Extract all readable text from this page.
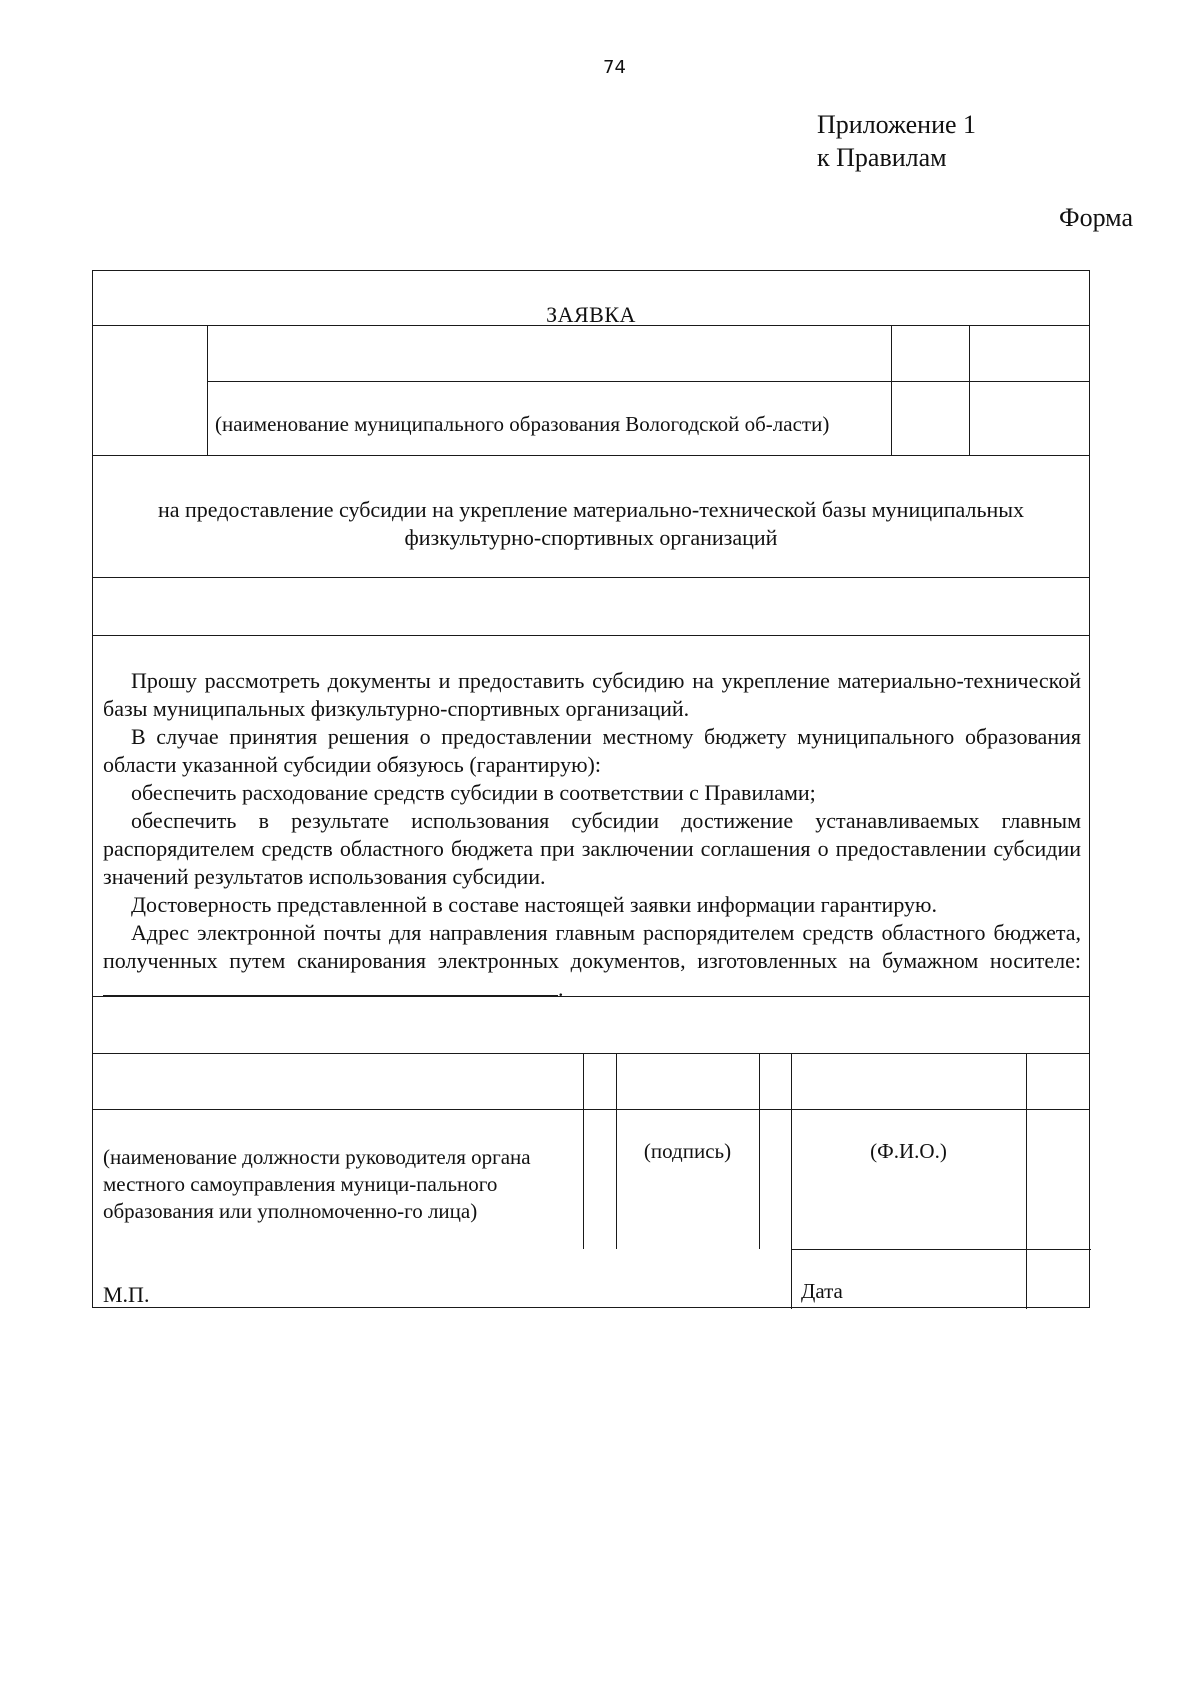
74
Приложение 1
к Правилам
Форма
ЗАЯВКА
(наименование муниципального образования Вологодской об-ласти)
на предоставление субсидии на укрепление материально-технической базы муниципальных физкультурно-спортивных организаций

Прошу рассмотреть документы и предоставить субсидию на укрепление материально-технической базы муниципальных физкультурно-спортивных организаций.

В случае принятия решения о предоставлении местному бюджету муниципального образования области указанной субсидии обязуюсь (гарантирую):

обеспечить расходование средств субсидии в соответствии с Правилами;

обеспечить в результате использования субсидии достижение устанавливаемых главным распорядителем средств областного бюджета при заключении соглашения о предоставлении субсидии значений результатов использования субсидии.

Достоверность представленной в составе настоящей заявки информации гарантирую.

Адрес электронной почты для направления главным распорядителем средств областного бюджета, полученных путем сканирования электронных документов, изготовленных на бумажном носителе: .

(наименование должности руководителя органа местного самоуправления муници-пального образования или уполномоченно-го лица)
(подпись)	(Ф.И.О.)
М.П.	Дата
